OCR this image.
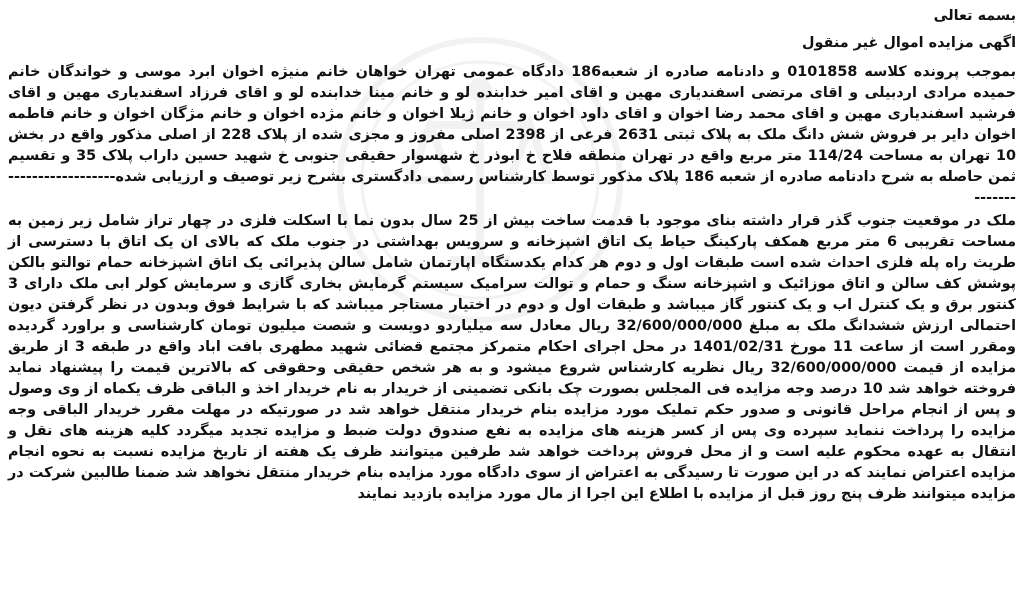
بسمه تعالی

اگهی مزایده اموال غیر منقول

بموجب پرونده کلاسه 0101858 و دادنامه صادره از شعبه186 دادگاه عمومی تهران خواهان خانم منیژه اخوان ابرد موسی و خواندگان خانم حمیده مرادی اردبیلی و اقای مرتضی اسفندیاری مهین و اقای امیر خدابنده لو و خانم مینا خدابنده لو و اقای فرزاد اسفندیاری مهین و اقای فرشید اسفندیاری مهین و اقای محمد رضا اخوان و اقای داود اخوان و خانم ژیلا اخوان و خانم مژده اخوان و خانم مژگان اخوان و خانم فاطمه اخوان دایر بر فروش شش دانگ ملک به پلاک ثبتی 2631 فرعی از 2398 اصلی مفروز و مجزی شده از پلاک 228 از اصلی مذکور واقع در بخش 10 تهران به مساحت 114/24 متر مربع واقع در تهران منطقه فلاح خ ابوذر خ شهسوار حقیقی جنوبی خ شهید حسین داراب پلاک 35 و تقسیم ثمن حاصله به شرح دادنامه صادره از شعبه 186 پلاک مذکور توسط کارشناس رسمی دادگستری بشرح زیر توصیف و ارزیابی شده-------------------------

ملک در موقعیت جنوب گذر قرار داشته بنای موجود با قدمت ساخت بیش از 25 سال بدون نما با اسکلت فلزی در چهار تراز شامل زیر زمین به مساحت تقریبی 6 متر مربع همکف پارکینگ حیاط یک اتاق اشپزخانه و سرویس بهداشتی در جنوب ملک که بالای ان یک اتاق با دسترسی از طریث راه پله فلزی احداث شده است طبقات اول و دوم هر کدام یکدستگاه اپارتمان شامل سالن پذیرائی یک اتاق اشپزخانه حمام توالتو بالکن پوشش کف سالن و اتاق موزائیک و اشپزخانه سنگ و حمام و توالت سرامیک سیستم گرمایش بخاری گازی و سرمایش کولر ابی ملک دارای 3 کنتور برق و یک کنترل اب و یک کنتور گاز میباشد و طبقات اول و دوم در اختیار مستاجر میباشد که با شرایط فوق وبدون در نظر گرفتن دیون احتمالی ارزش ششدانگ ملک به مبلغ 32/600/000/000 ریال معادل سه میلیاردو دویست و شصت میلیون تومان کارشناسی و براورد گردیده ومقرر است از ساعت 11 مورخ 1401/02/31 در محل اجرای احکام متمرکز مجتمع قضائی شهید مطهری بافت اباد واقع در طبقه 3 از طریق مزایده از قیمت 32/600/000/000 ریال نظریه کارشناس شروع میشود و به هر شخص حقیقی وحقوقی که بالاترین قیمت را پیشنهاد نماید فروخته خواهد شد 10 درصد وجه مزایده فی المجلس بصورت چک بانکی تضمینی از خریدار به نام خریدار اخذ و الباقی ظرف یکماه از وی وصول و پس از انجام مراحل قانونی و صدور حکم تملیک مورد مزایده بنام خریدار منتقل خواهد شد در صورتیکه در مهلت مقرر خریدار الباقی وجه مزایده را پرداخت ننماید سپرده وی پس از کسر هزینه های مزایده به نفع صندوق دولت ضبط و مزایده تجدید میگردد کلیه هزینه های نقل و انتقال به عهده محکوم علیه است و از محل فروش پرداخت خواهد شد طرفین میتوانند ظرف یک هفته از تاریخ مزایده نسبت به نحوه انجام مزایده اعتراض نمایند که در این صورت تا رسیدگی به اعتراض از سوی دادگاه مورد مزایده بنام خریدار منتقل نخواهد شد ضمنا طالبین شرکت در مزایده میتوانند ظرف پنج روز قبل از مزایده با اطلاع این اجرا از مال مورد مزایده بازدید نمایند
